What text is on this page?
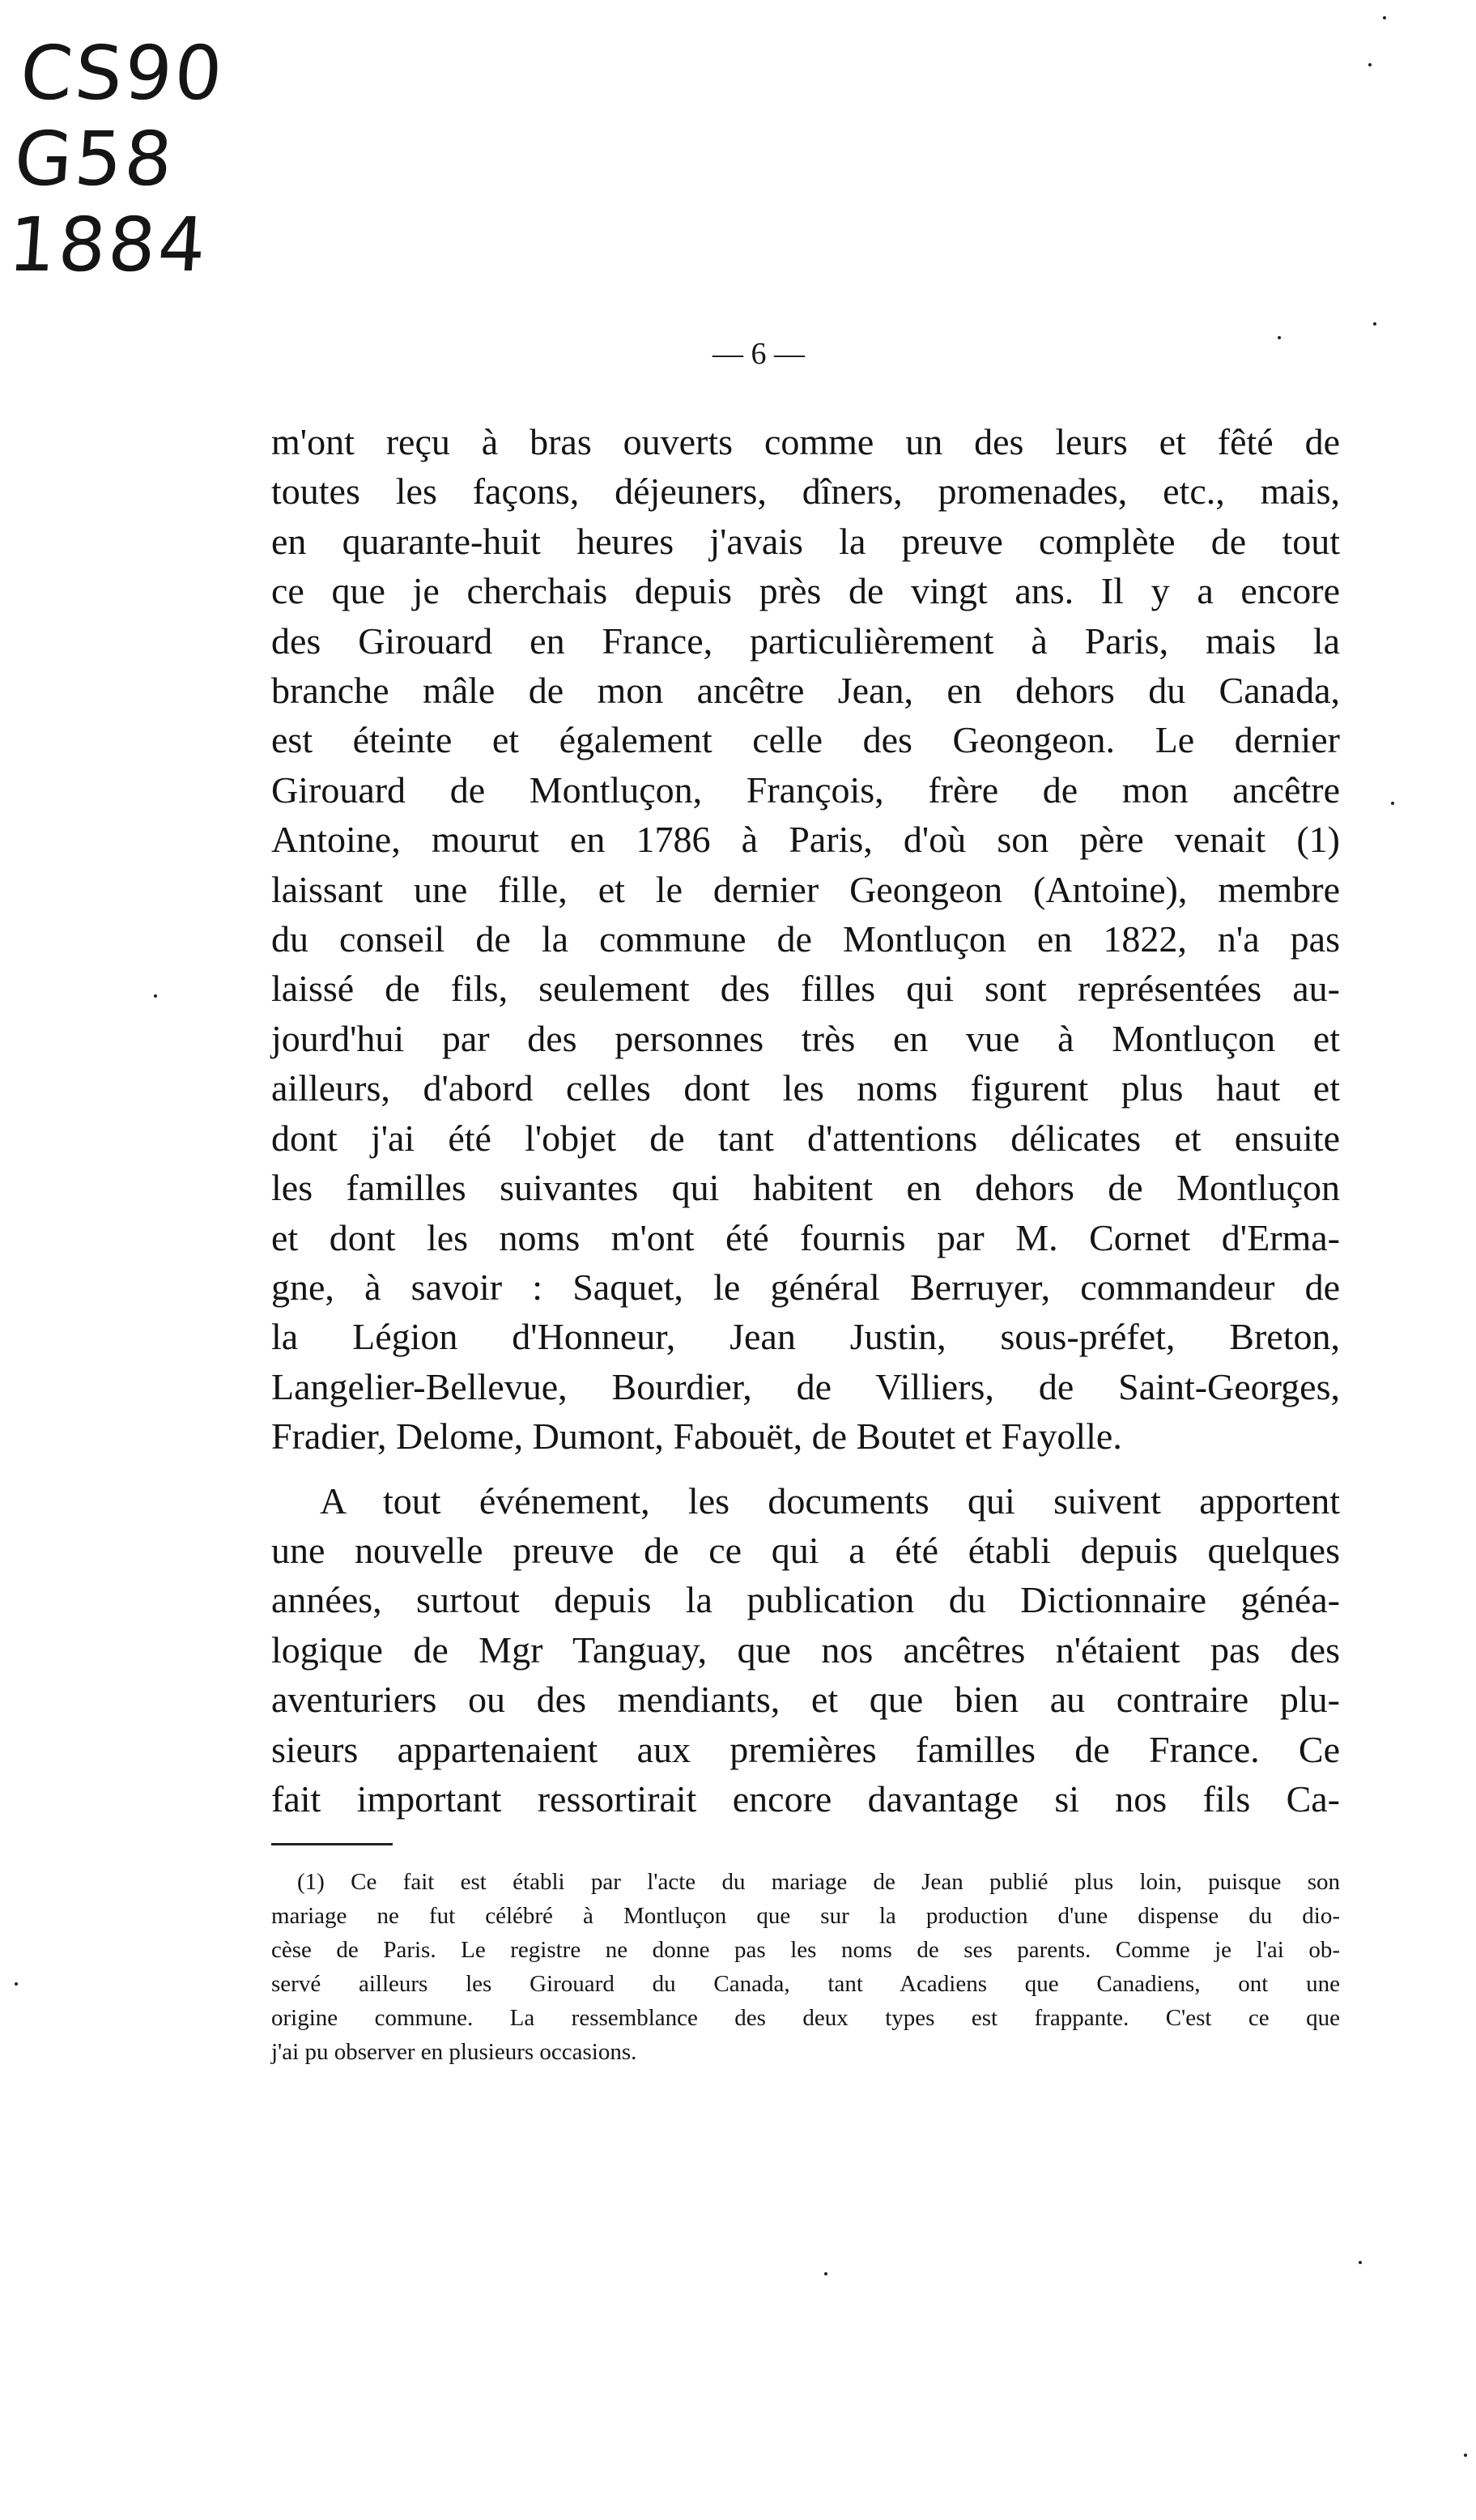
CS90
G58
1884
— 6 —
m'ont reçu à bras ouverts comme un des leurs et fêté de
toutes les façons, déjeuners, dîners, promenades, etc., mais,
en quarante-huit heures j'avais la preuve complète de tout
ce que je cherchais depuis près de vingt ans. Il y a encore
des Girouard en France, particulièrement à Paris, mais la
branche mâle de mon ancêtre Jean, en dehors du Canada,
est éteinte et également celle des Geongeon. Le dernier
Girouard de Montluçon, François, frère de mon ancêtre
Antoine, mourut en 1786 à Paris, d'où son père venait (1)
laissant une fille, et le dernier Geongeon (Antoine), membre
du conseil de la commune de Montluçon en 1822, n'a pas
laissé de fils, seulement des filles qui sont représentées au-
jourd'hui par des personnes très en vue à Montluçon et
ailleurs, d'abord celles dont les noms figurent plus haut et
dont j'ai été l'objet de tant d'attentions délicates et ensuite
les familles suivantes qui habitent en dehors de Montluçon
et dont les noms m'ont été fournis par M. Cornet d'Erma-
gne, à savoir : Saquet, le général Berruyer, commandeur de
la Légion d'Honneur, Jean Justin, sous-préfet, Breton,
Langelier-Bellevue, Bourdier, de Villiers, de Saint-Georges,
Fradier, Delome, Dumont, Fabouët, de Boutet et Fayolle.
A tout événement, les documents qui suivent apportent
une nouvelle preuve de ce qui a été établi depuis quelques
années, surtout depuis la publication du Dictionnaire généa-
logique de Mgr Tanguay, que nos ancêtres n'étaient pas des
aventuriers ou des mendiants, et que bien au contraire plu-
sieurs appartenaient aux premières familles de France. Ce
fait important ressortirait encore davantage si nos fils Ca-
(1) Ce fait est établi par l'acte du mariage de Jean publié plus loin, puisque son
mariage ne fut célébré à Montluçon que sur la production d'une dispense du dio-
cèse de Paris. Le registre ne donne pas les noms de ses parents. Comme je l'ai ob-
servé ailleurs les Girouard du Canada, tant Acadiens que Canadiens, ont une
origine commune. La ressemblance des deux types est frappante. C'est ce que
j'ai pu observer en plusieurs occasions.
